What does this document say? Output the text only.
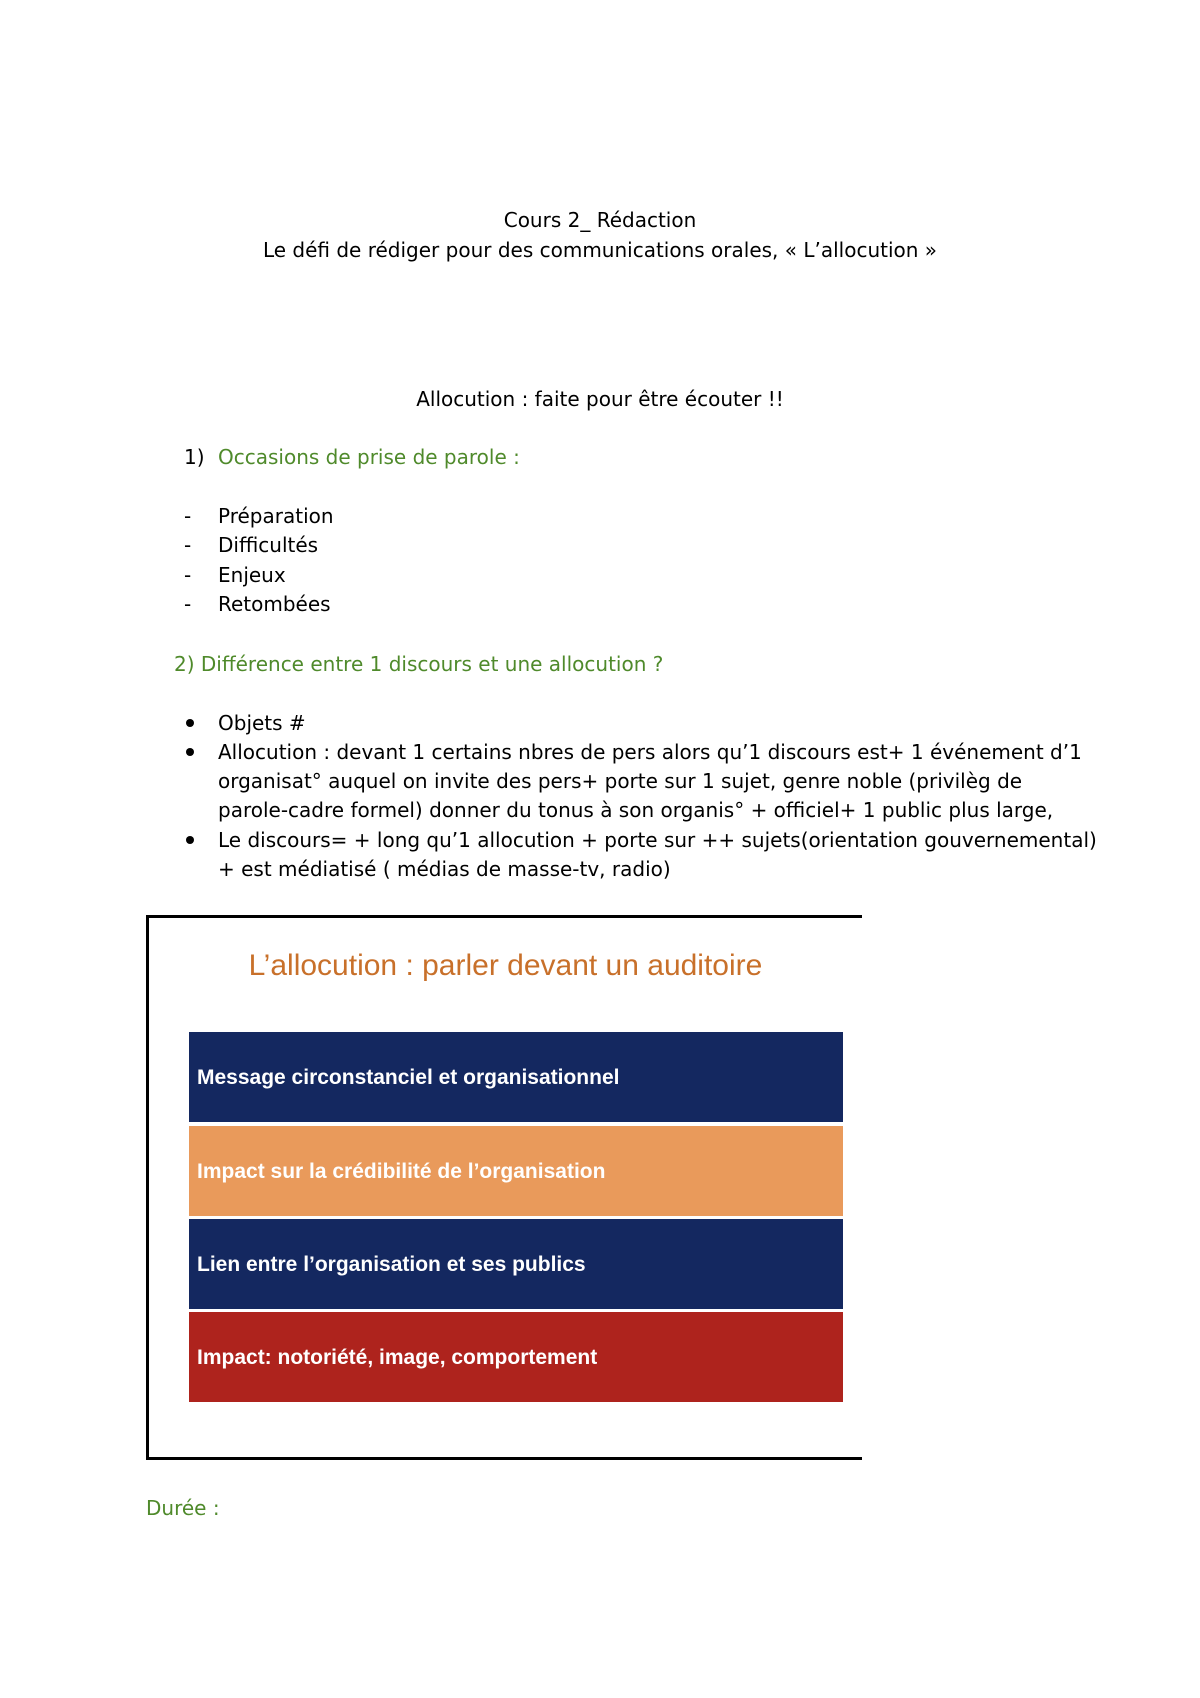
Cours 2_ Rédaction
Le défi de rédiger pour des communications orales, « L’allocution »
Allocution : faite pour être écouter !!
1) Occasions de prise de parole :
-	Préparation
-	Difficultés
-	Enjeux
-	Retombées
2) Différence entre 1 discours et une allocution ?
Objets #
Allocution : devant 1 certains nbres de pers alors qu’1 discours est+ 1 événement d’1
organisat° auquel on invite des pers+ porte sur 1 sujet, genre noble (privilèg de
parole-cadre formel) donner du tonus à son organis° + officiel+ 1 public plus large,
Le discours= + long qu’1 allocution + porte sur ++ sujets(orientation gouvernemental)
+ est médiatisé ( médias de masse-tv, radio)
L’allocution : parler devant un auditoire
Message circonstanciel et organisationnel
Impact sur la crédibilité de l’organisation
Lien entre l’organisation et ses publics
Impact: notoriété, image, comportement
Durée :
